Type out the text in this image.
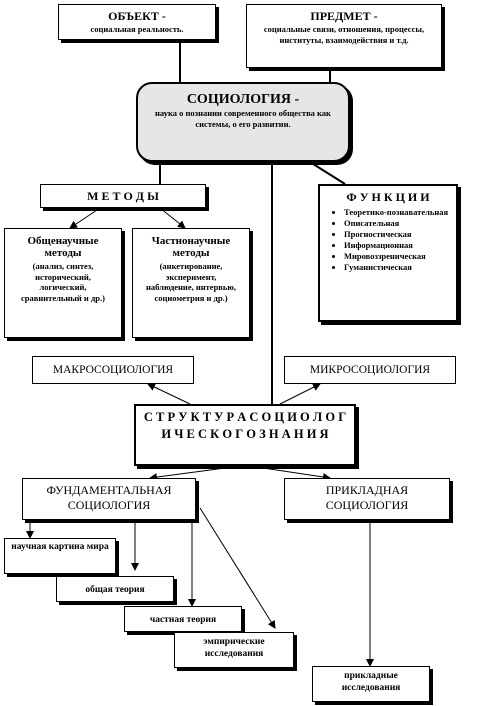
ОБЪЕКТ -
социальная реальность.
ПРЕДМЕТ -
социальные связи, отношения, процессы, институты, взаимодействия и т.д.
СОЦИОЛОГИЯ -
наука о познании современного общества как системы, о его развитии.
М Е Т О Д Ы
Общенаучные методы
(анализ, синтез, исторический, логический, сравнительный и др.)
Частнонаучные методы
(анкетирование, эксперимент, наблюдение, интервью, социометрия и др.)
Ф У Н К Ц И И
• Теоретико-познавательная
• Описательная
• Прогностическая
• Информационная
• Мировоззреническая
• Гуманистическая
МАКРОСОЦИОЛОГИЯ	МИКРОСОЦИОЛОГИЯ
С Т Р У К Т У Р А С О Ц И О Л О Г И Ч Е С К О Г О З Н А Н И Я
ФУНДАМЕНТАЛЬНАЯ СОЦИОЛОГИЯ
ПРИКЛАДНАЯ СОЦИОЛОГИЯ
научная картина мира
общая теория
частная теория
эмпирические исследования
прикладные исследования
